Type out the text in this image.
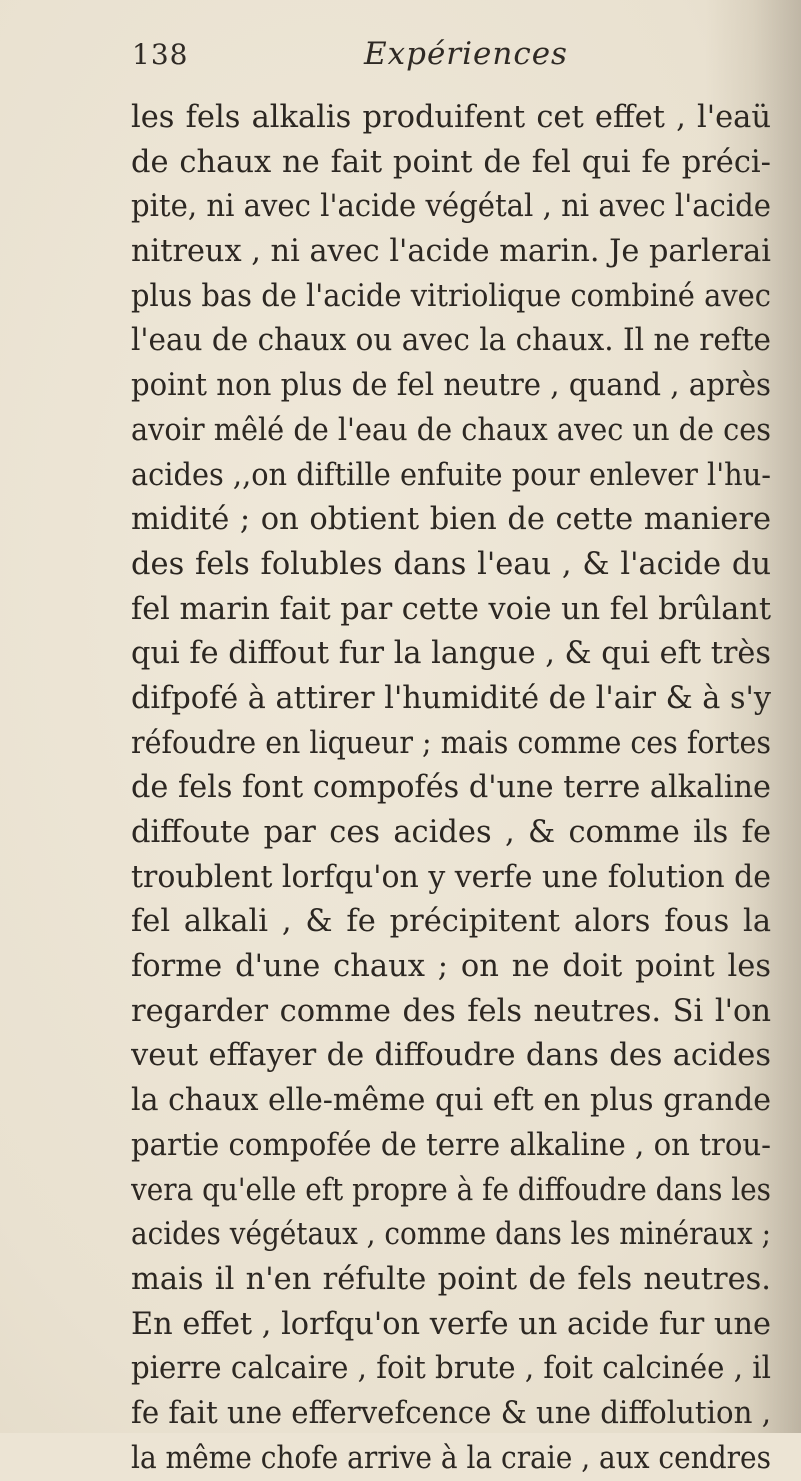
138	Expériences
les fels alkalis produifent cet effet , l'eaü
de chaux ne fait point de fel qui fe préci-
pite, ni avec l'acide végétal , ni avec l'acide
nitreux , ni avec l'acide marin. Je parlerai
plus bas de l'acide vitriolique combiné avec
l'eau de chaux ou avec la chaux. Il ne refte
point non plus de fel neutre , quand , après
avoir mêlé de l'eau de chaux avec un de ces
acides ,,on diftille enfuite pour enlever l'hu-
midité ; on obtient bien de cette maniere
des fels folubles dans l'eau , & l'acide du
fel marin fait par cette voie un fel brûlant
qui fe diffout fur la langue , & qui eft très
difpofé à attirer l'humidité de l'air & à s'y
réfoudre en liqueur ; mais comme ces fortes
de fels font compofés d'une terre alkaline
diffoute par ces acides , & comme ils fe
troublent lorfqu'on y verfe une folution de
fel alkali , & fe précipitent alors fous la
forme d'une chaux ; on ne doit point les
regarder comme des fels neutres. Si l'on
veut effayer de diffoudre dans des acides
la chaux elle-même qui eft en plus grande
partie compofée de terre alkaline , on trou-
vera qu'elle eft propre à fe diffoudre dans les
acides végétaux , comme dans les minéraux ;
mais il n'en réfulte point de fels neutres.
En effet , lorfqu'on verfe un acide fur une
pierre calcaire , foit brute , foit calcinée , il
fe fait une effervefcence & une diffolution ,
la même chofe arrive à la craie , aux cendres
